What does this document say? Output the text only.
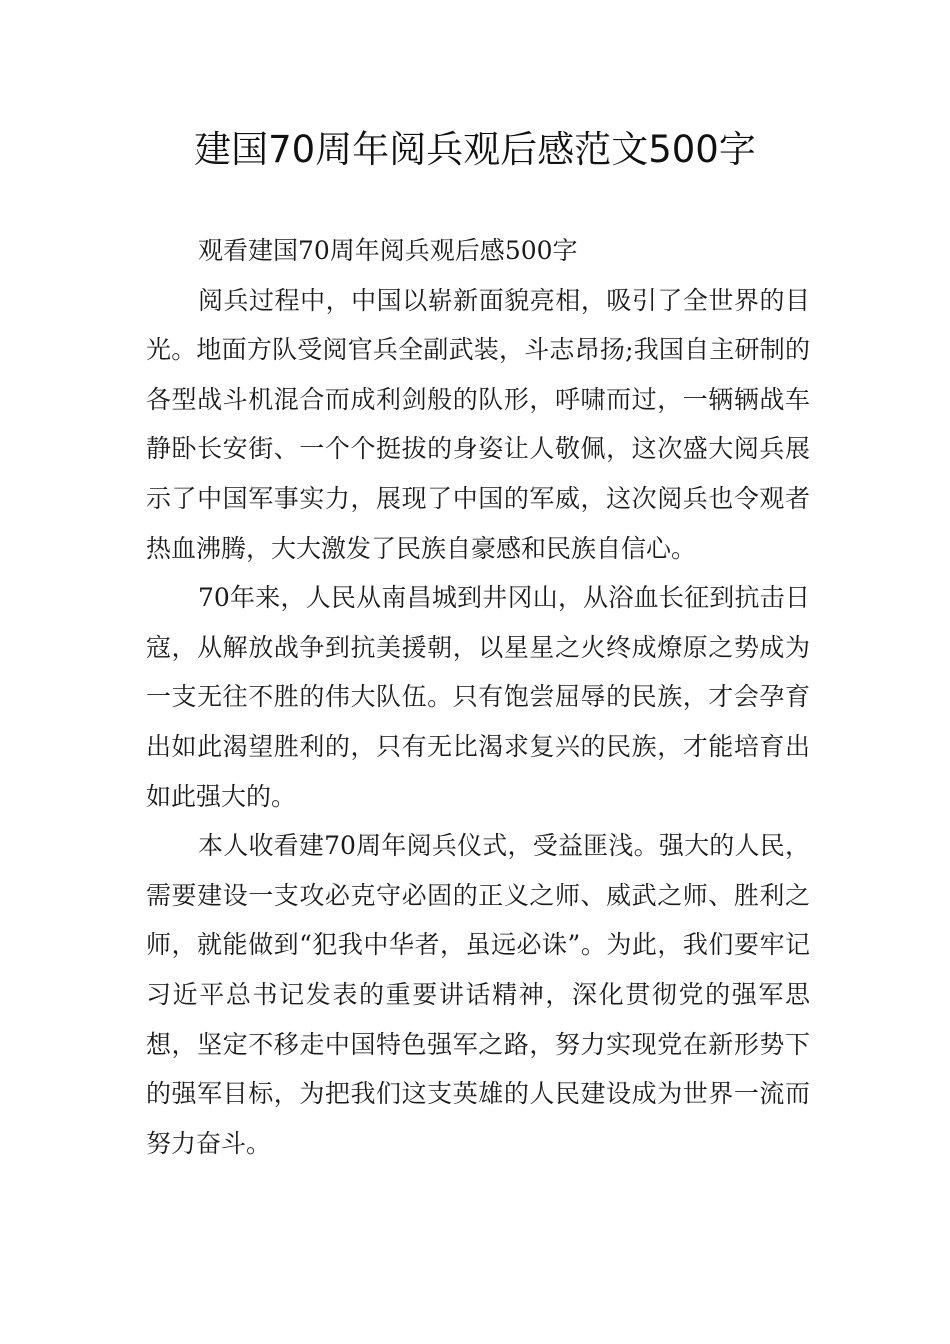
建国70周年阅兵观后感范文500字

观看建国70周年阅兵观后感500字

阅兵过程中，中国以崭新面貌亮相，吸引了全世界的目光。地面方队受阅官兵全副武装，斗志昂扬;我国自主研制的各型战斗机混合而成利剑般的队形，呼啸而过，一辆辆战车静卧长安街、一个个挺拔的身姿让人敬佩，这次盛大阅兵展示了中国军事实力，展现了中国的军威，这次阅兵也令观者热血沸腾，大大激发了民族自豪感和民族自信心。

70年来，人民从南昌城到井冈山，从浴血长征到抗击日寇，从解放战争到抗美援朝，以星星之火终成燎原之势成为一支无往不胜的伟大队伍。只有饱尝屈辱的民族，才会孕育出如此渴望胜利的，只有无比渴求复兴的民族，才能培育出如此强大的。

本人收看建70周年阅兵仪式，受益匪浅。强大的人民，需要建设一支攻必克守必固的正义之师、威武之师、胜利之师，就能做到“犯我中华者，虽远必诛”。为此，我们要牢记习近平总书记发表的重要讲话精神，深化贯彻党的强军思想，坚定不移走中国特色强军之路，努力实现党在新形势下的强军目标，为把我们这支英雄的人民建设成为世界一流而努力奋斗。
